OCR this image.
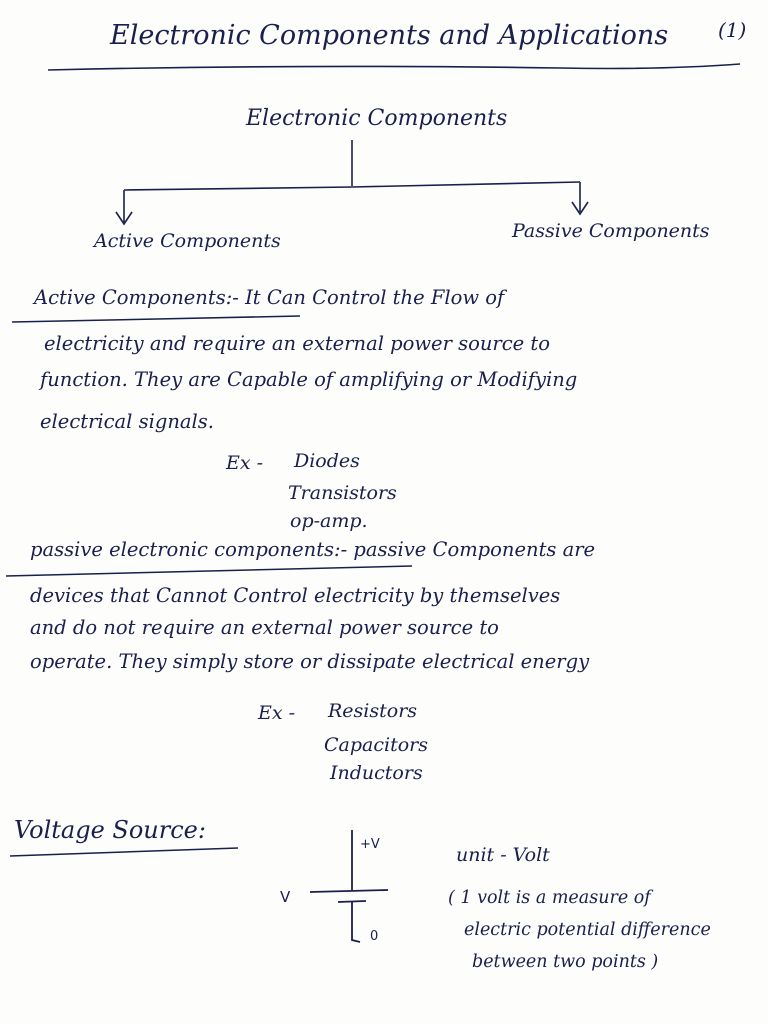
Electronic Components and Applications (1)
Electronic Components
Active Components	Passive Components
Active Components:- It Can Control the Flow of
electricity and require an external power source to
function. They are Capable of amplifying or Modifying
electrical signals.
Ex - Diodes
Transistors
op-amp.
passive electronic components:- passive Components are
devices that Cannot Control electricity by themselves
and do not require an external power source to
operate. They simply store or dissipate electrical energy
Ex - Resistors
Capacitors
Inductors
Voltage Source:
+V
V
0
unit - Volt
( 1 volt is a measure of
electric potential difference
between two points )
